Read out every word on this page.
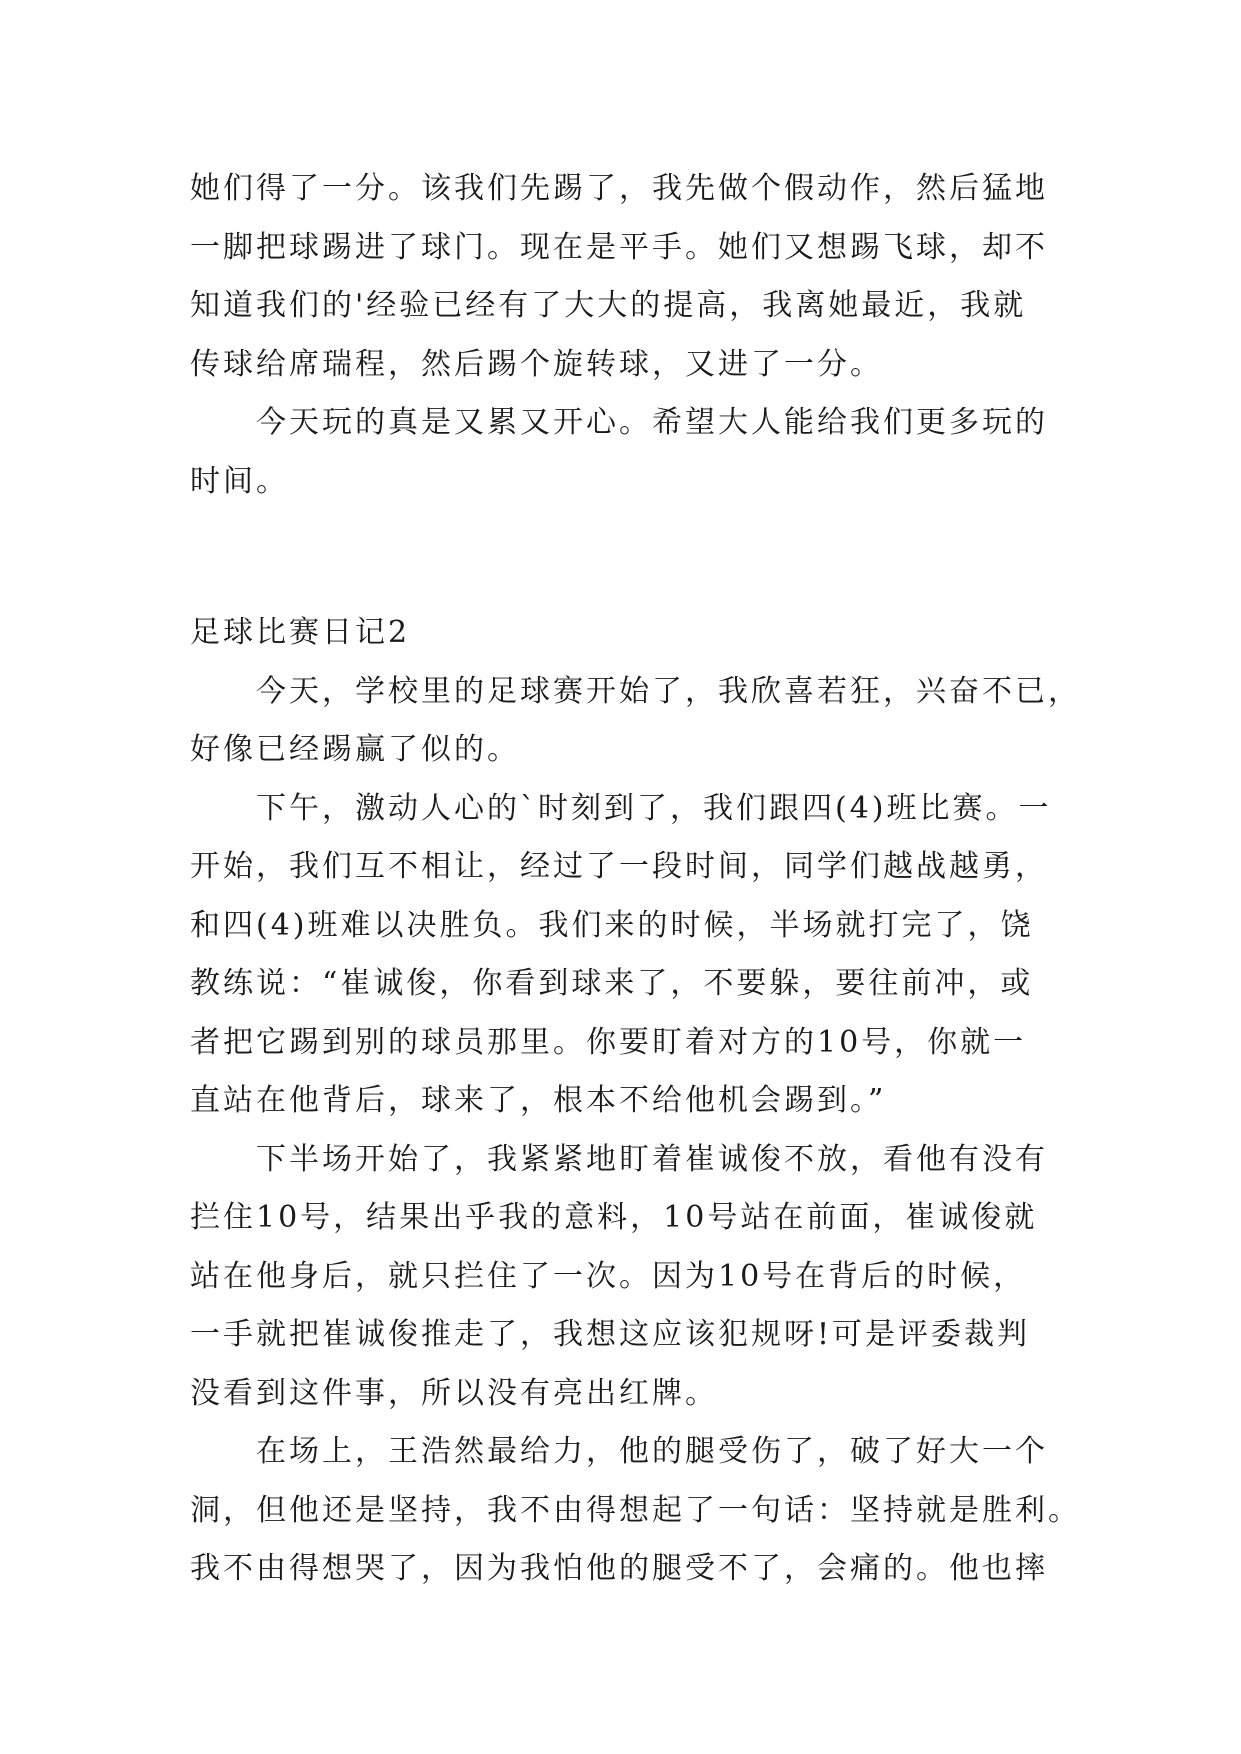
她们得了一分。该我们先踢了，我先做个假动作，然后猛地
一脚把球踢进了球门。现在是平手。她们又想踢飞球，却不
知道我们的'经验已经有了大大的提高，我离她最近，我就
传球给席瑞程，然后踢个旋转球，又进了一分。
今天玩的真是又累又开心。希望大人能给我们更多玩的
时间。
足球比赛日记2
今天，学校里的足球赛开始了，我欣喜若狂，兴奋不已，
好像已经踢赢了似的。
下午，激动人心的`时刻到了，我们跟四(4)班比赛。一
开始，我们互不相让，经过了一段时间，同学们越战越勇，
和四(4)班难以决胜负。我们来的时候，半场就打完了，饶
教练说：“崔诚俊，你看到球来了，不要躲，要往前冲，或
者把它踢到别的球员那里。你要盯着对方的10号，你就一
直站在他背后，球来了，根本不给他机会踢到。”
下半场开始了，我紧紧地盯着崔诚俊不放，看他有没有
拦住10号，结果出乎我的意料，10号站在前面，崔诚俊就
站在他身后，就只拦住了一次。因为10号在背后的时候，
一手就把崔诚俊推走了，我想这应该犯规呀!可是评委裁判
没看到这件事，所以没有亮出红牌。
在场上，王浩然最给力，他的腿受伤了，破了好大一个
洞，但他还是坚持，我不由得想起了一句话：坚持就是胜利。
我不由得想哭了，因为我怕他的腿受不了，会痛的。他也摔
